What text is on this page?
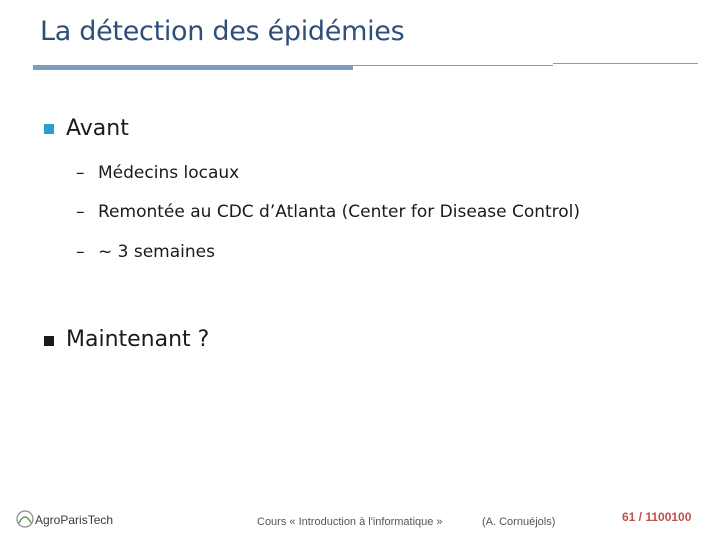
La détection des épidémies
Avant
– Médecins locaux
– Remontée au CDC d’Atlanta (Center for Disease Control)
– ~ 3 semaines
Maintenant ?
AgroParisTech	Cours « Introduction à l'informatique »	(A. Cornuéjols)	61 / 1100100
